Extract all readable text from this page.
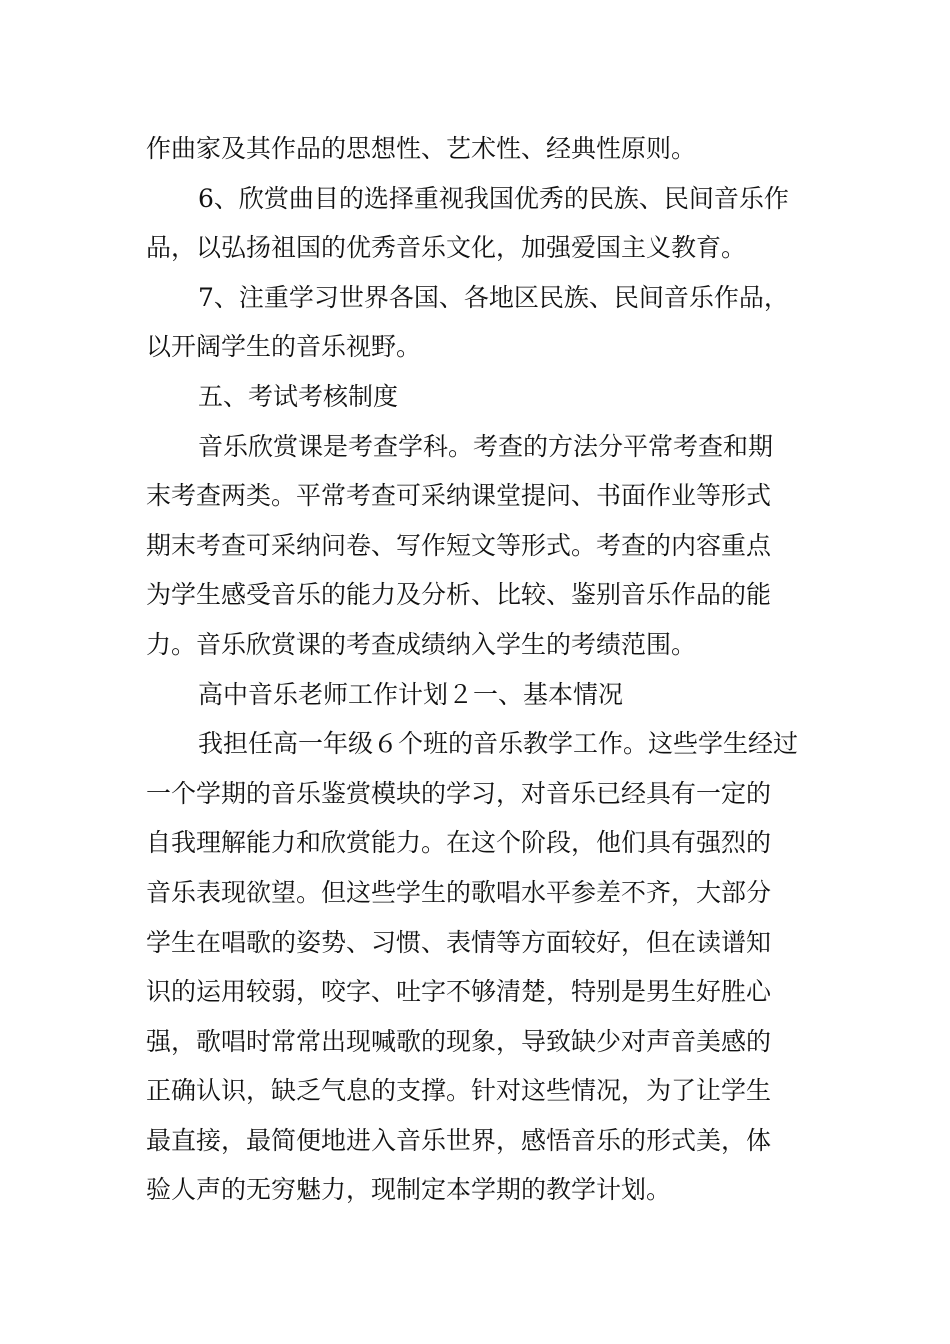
作曲家及其作品的思想性、艺术性、经典性原则。
6、欣赏曲目的选择重视我国优秀的民族、民间音乐作
品，以弘扬祖国的优秀音乐文化，加强爱国主义教育。
7、注重学习世界各国、各地区民族、民间音乐作品，
以开阔学生的音乐视野。
五、考试考核制度
音乐欣赏课是考查学科。考查的方法分平常考查和期
末考查两类。平常考查可采纳课堂提问、书面作业等形式
期末考查可采纳问卷、写作短文等形式。考查的内容重点
为学生感受音乐的能力及分析、比较、鉴别音乐作品的能
力。音乐欣赏课的考查成绩纳入学生的考绩范围。
高中音乐老师工作计划２一、基本情况
我担任高一年级６个班的音乐教学工作。这些学生经过
一个学期的音乐鉴赏模块的学习，对音乐已经具有一定的
自我理解能力和欣赏能力。在这个阶段，他们具有强烈的
音乐表现欲望。但这些学生的歌唱水平参差不齐，大部分
学生在唱歌的姿势、习惯、表情等方面较好，但在读谱知
识的运用较弱，咬字、吐字不够清楚，特别是男生好胜心
强，歌唱时常常出现喊歌的现象，导致缺少对声音美感的
正确认识，缺乏气息的支撑。针对这些情况，为了让学生
最直接，最简便地进入音乐世界，感悟音乐的形式美，体
验人声的无穷魅力，现制定本学期的教学计划。
